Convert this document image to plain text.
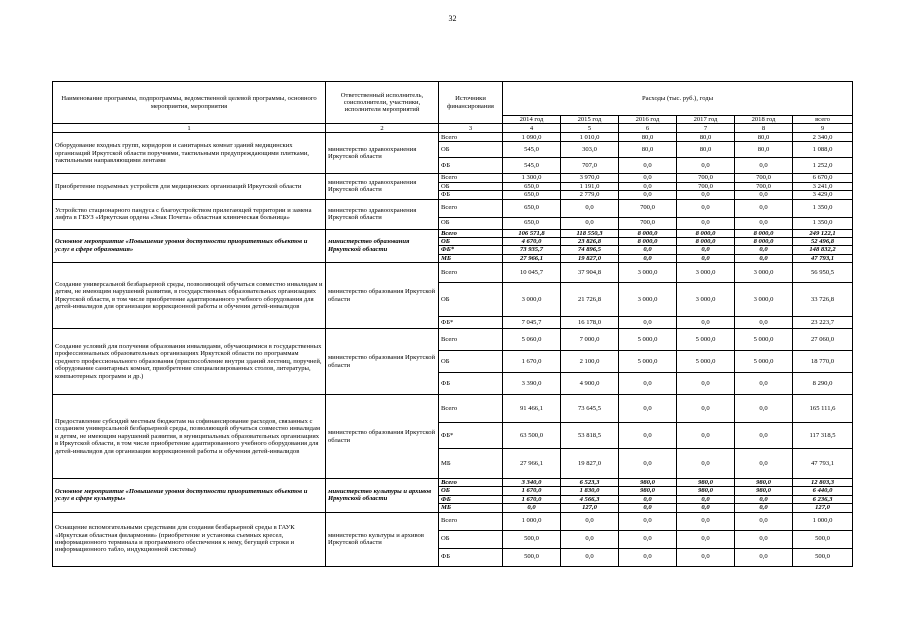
32
Наименование программы, подпрограммы, ведомственной целевой программы, основного мероприятия, мероприятия	Ответственный исполнитель, соисполнители, участники, исполнители мероприятий	Источники финансирования	Расходы (тыс. руб.), годы					
			2014 год	2015 год	2016 год	2017 год	2018 год	всего
1	2	3	4	5	6	7	8	9
Оборудование входных групп, коридоров и санитарных комнат зданий медицинских организаций Иркутской области поручнями, тактильными предупреждающими плитками, тактильными направляющими лентами	министерство здравоохранения Иркутской области	Всего	1 090,0	1 010,0	80,0	80,0	80,0	2 340,0
		ОБ	545,0	303,0	80,0	80,0	80,0	1 088,0
		ФБ	545,0	707,0	0,0	0,0	0,0	1 252,0
Приобретение подъемных устройств для медицинских организаций Иркутской области	министерство здравоохранения Иркутской области	Всего	1 300,0	3 970,0	0,0	700,0	700,0	6 670,0
		ОБ	650,0	1 191,0	0,0	700,0	700,0	3 241,0
		ФБ	650,0	2 779,0	0,0	0,0	0,0	3 429,0
Устройство стационарного пандуса с благоустройством прилегающей территории и замена лифта в ГБУЗ «Иркутская ордена «Знак Почета» областная клиническая больница»	министерство здравоохранения Иркутской области	Всего	650,0	0,0	700,0	0,0	0,0	1 350,0
		ОБ	650,0	0,0	700,0	0,0	0,0	1 350,0
Основное мероприятие «Повышение уровня доступности приоритетных объектов и услуг в сфере образования»	министерство образования Иркутской области	Всего	106 571,8	118 550,3	8 000,0	8 000,0	8 000,0	249 122,1
		ОБ	4 670,0	23 826,8	8 000,0	8 000,0	8 000,0	52 496,8
		ФБ*	73 935,7	74 896,5	0,0	0,0	0,0	148 832,2
		МБ	27 966,1	19 827,0	0,0	0,0	0,0	47 793,1
Создание универсальной безбарьерной среды, позволяющей обучаться совместно инвалидам и детям, не имеющим нарушений развития, в государственных образовательных организациях Иркутской области, в том числе приобретение адаптированного учебного оборудования для детей-инвалидов для организации коррекционной работы и обучения детей-инвалидов	министерство образования Иркутской области	Всего	10 045,7	37 904,8	3 000,0	3 000,0	3 000,0	56 950,5
		ОБ	3 000,0	21 726,8	3 000,0	3 000,0	3 000,0	33 726,8
		ФБ*	7 045,7	16 178,0	0,0	0,0	0,0	23 223,7
Создание условий для получения образования инвалидами, обучающимися в государственных профессиональных образовательных организациях Иркутской области по программам среднего профессионального образования (приспособление внутри зданий лестниц, поручней, оборудование санитарных комнат, приобретение специализированных столов, литературы, компьютерных программ и др.)	министерство образования Иркутской области	Всего	5 060,0	7 000,0	5 000,0	5 000,0	5 000,0	27 060,0
		ОБ	1 670,0	2 100,0	5 000,0	5 000,0	5 000,0	18 770,0
		ФБ	3 390,0	4 900,0	0,0	0,0	0,0	8 290,0
Предоставление субсидий местным бюджетам на софинансирование расходов, связанных с созданием универсальной безбарьерной среды, позволяющей обучаться совместно инвалидам и детям, не имеющим нарушений развития, в муниципальных образовательных организациях в Иркутской области, в том числе приобретение адаптированного учебного оборудования для детей-инвалидов для организации коррекционной работы и обучения детей-инвалидов	министерство образования Иркутской области	Всего	91 466,1	73 645,5	0,0	0,0	0,0	165 111,6
		ФБ*	63 500,0	53 818,5	0,0	0,0	0,0	117 318,5
		МБ	27 966,1	19 827,0	0,0	0,0	0,0	47 793,1
Основное мероприятие «Повышение уровня доступности приоритетных объектов и услуг в сфере культуры»	министерство культуры и архивов Иркутской области	Всего	3 340,0	6 523,3	980,0	980,0	980,0	12 803,3
		ОБ	1 670,0	1 830,0	980,0	980,0	980,0	6 440,0
		ФБ	1 670,0	4 566,3	0,0	0,0	0,0	6 236,3
		МБ	0,0	127,0	0,0	0,0	0,0	127,0
Оснащение вспомогательными средствами для создания безбарьерной среды в ГАУК «Иркутская областная филармония» (приобретение и установка съемных кресел, информационного терминала и программного обеспечения к нему, бегущей строки и информационного табло, индукционной системы)	министерство культуры и архивов Иркутской области	Всего	1 000,0	0,0	0,0	0,0	0,0	1 000,0
		ОБ	500,0	0,0	0,0	0,0	0,0	500,0
		ФБ	500,0	0,0	0,0	0,0	0,0	500,0
